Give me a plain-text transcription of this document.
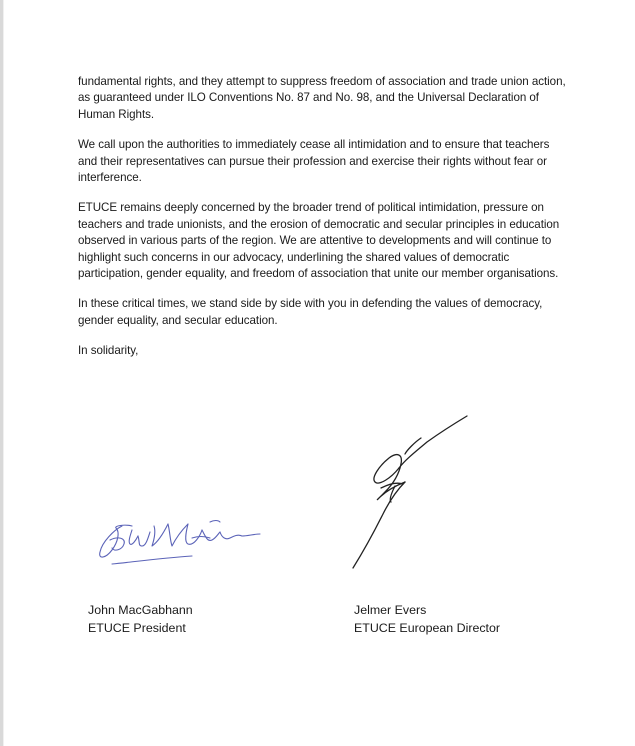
fundamental rights, and they attempt to suppress freedom of association and trade union action, as guaranteed under ILO Conventions No. 87 and No. 98, and the Universal Declaration of Human Rights.

We call upon the authorities to immediately cease all intimidation and to ensure that teachers and their representatives can pursue their profession and exercise their rights without fear or interference.

ETUCE remains deeply concerned by the broader trend of political intimidation, pressure on teachers and trade unionists, and the erosion of democratic and secular principles in education observed in various parts of the region. We are attentive to developments and will continue to highlight such concerns in our advocacy, underlining the shared values of democratic participation, gender equality, and freedom of association that unite our member organisations.

In these critical times, we stand side by side with you in defending the values of democracy, gender equality, and secular education.

In solidarity,

John MacGabhann
ETUCE President
Jelmer Evers
ETUCE European Director
